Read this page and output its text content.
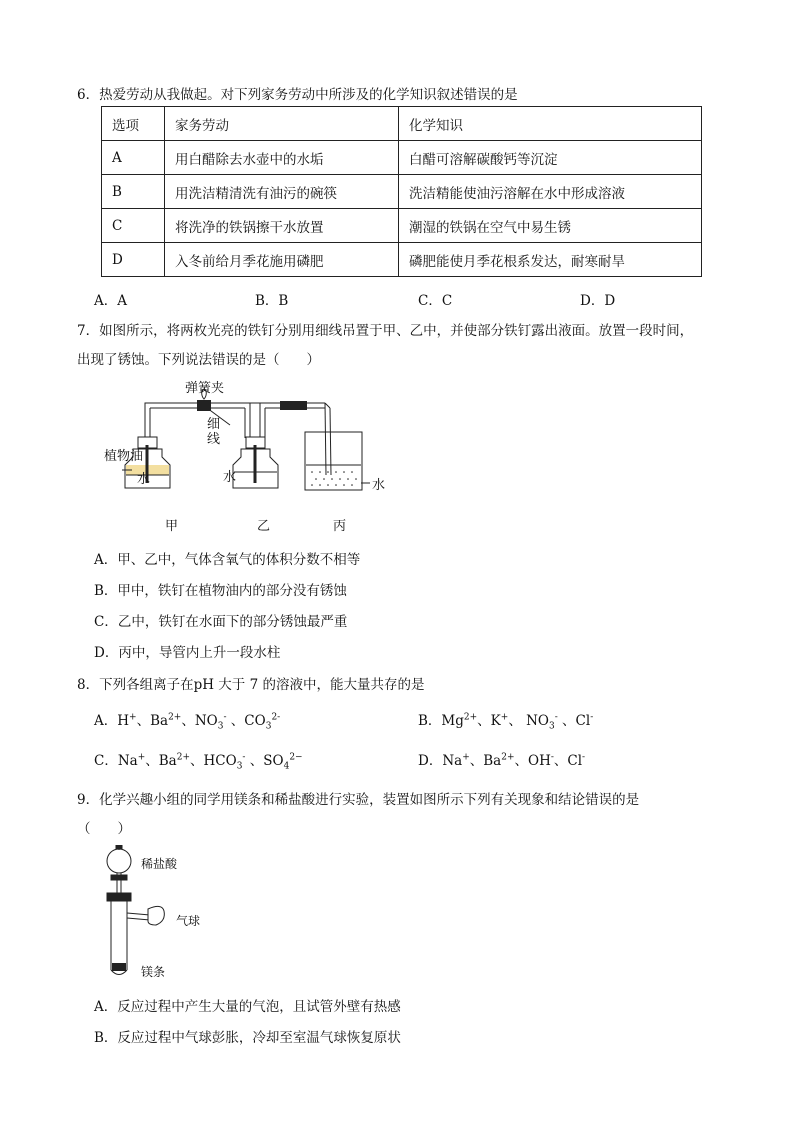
6．热爱劳动从我做起。对下列家务劳动中所涉及的化学知识叙述错误的是
选项	家务劳动	化学知识
A	用白醋除去水壶中的水垢	白醋可溶解碳酸钙等沉淀
B	用洗洁精清洗有油污的碗筷	洗洁精能使油污溶解在水中形成溶液
C	将洗净的铁锅擦干水放置	潮湿的铁锅在空气中易生锈
D	入冬前给月季花施用磷肥	磷肥能使月季花根系发达，耐寒耐旱
A．A	B．B	C．C	D．D
7．如图所示，将两枚光亮的铁钉分别用细线吊置于甲、乙中，并使部分铁钉露出液面。放置一段时间，
出现了锈蚀。下列说法错误的是（　　）
弹簧夹
细
线
植物油
水	水
水
甲	乙	丙
A．甲、乙中，气体含氧气的体积分数不相等
B．甲中，铁钉在植物油内的部分没有锈蚀
C．乙中，铁钉在水面下的部分锈蚀最严重
D．丙中，导管内上升一段水柱
8．下列各组离子在pH 大于 7 的溶液中，能大量共存的是
A．H+、$Ba^{2+}$、$NO_3^-$ 、$CO_3^{2-}$	B．$Mg^{2+}$、K+、 $NO_3^-$ 、Cl-
C．Na+、$Ba^{2+}$、$HCO_3^-$ 、$SO_4^{2-}$	D．Na+、$Ba^{2+}$、OH-、Cl-
9．化学兴趣小组的同学用镁条和稀盐酸进行实验，装置如图所示下列有关现象和结论错误的是
（　　）
稀盐酸
气球
镁条
A．反应过程中产生大量的气泡，且试管外壁有热感
B．反应过程中气球彭胀，冷却至室温气球恢复原状
